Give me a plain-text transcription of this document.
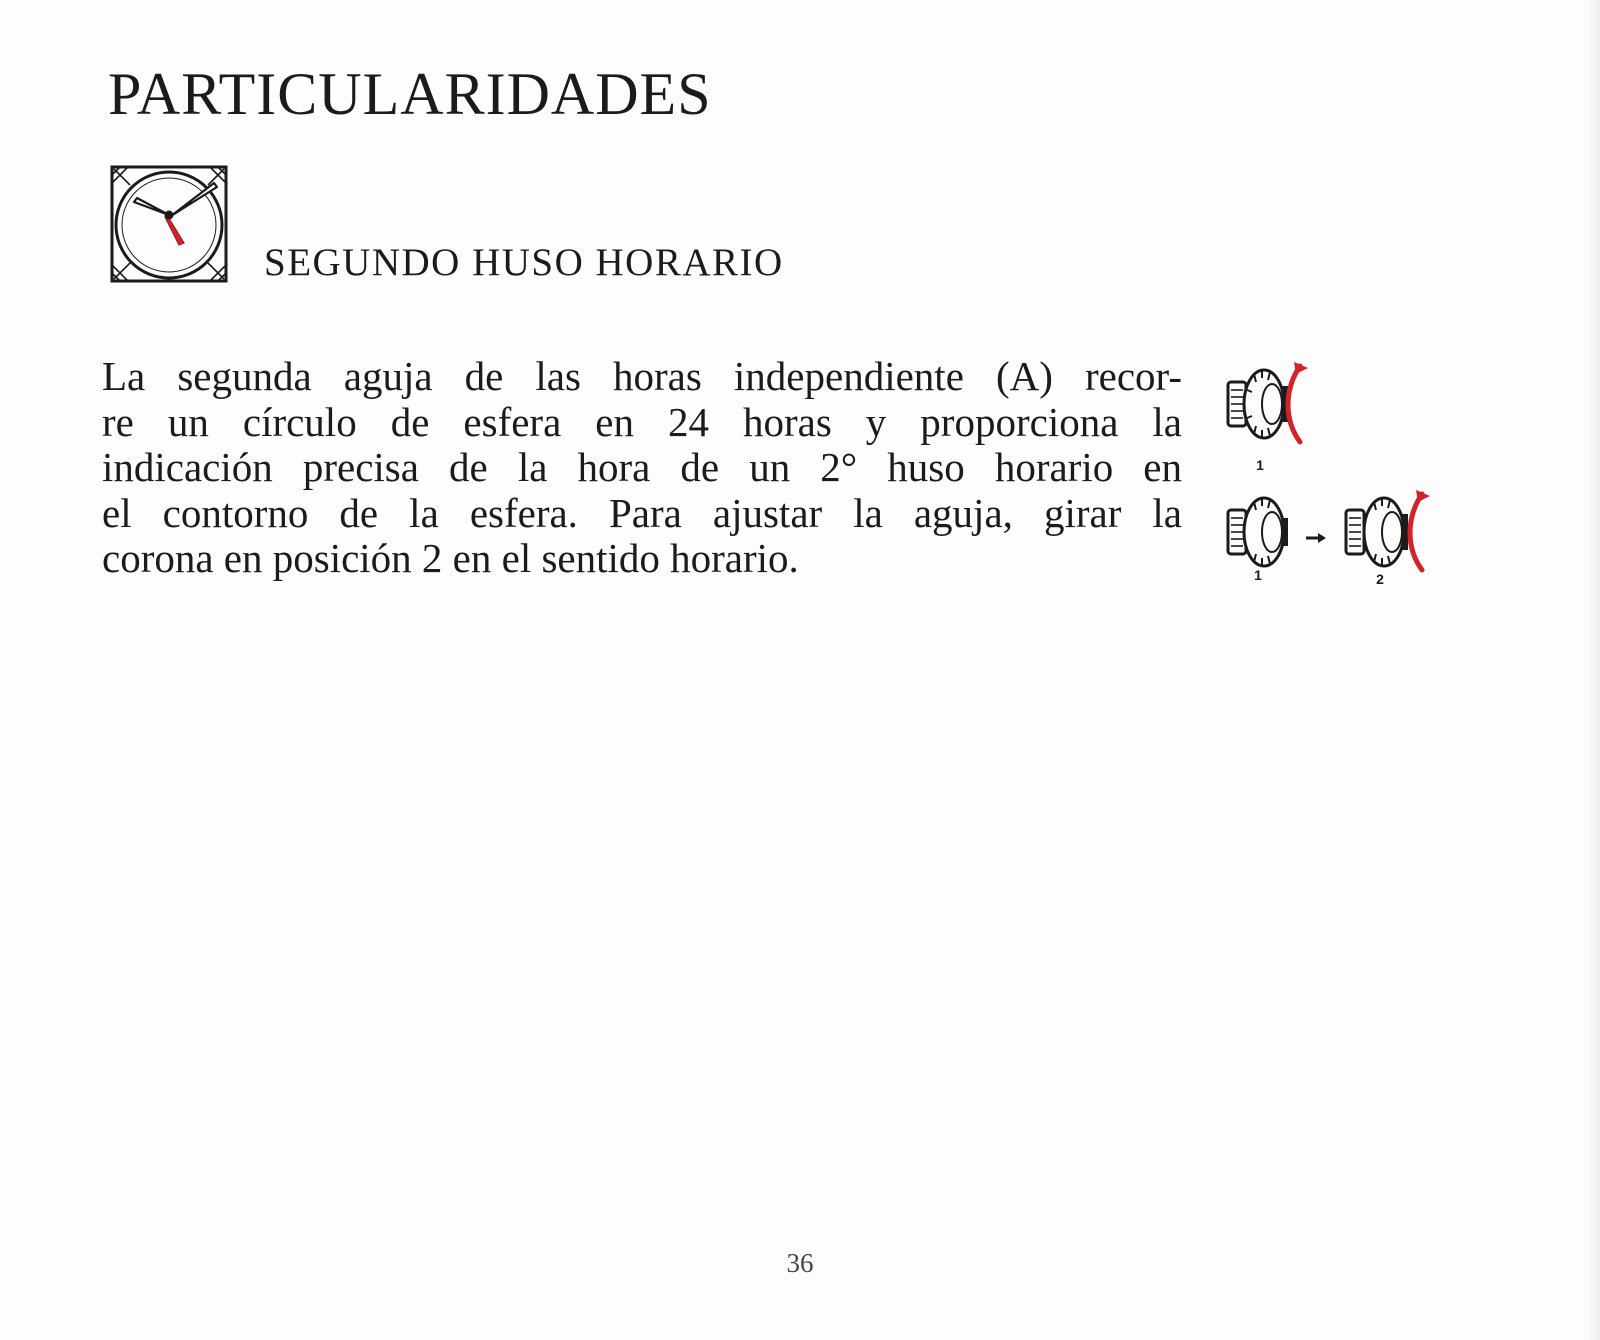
PARTICULARIDADES
SEGUNDO HUSO HORARIO

La segunda aguja de las horas independiente (A) recor-
re un círculo de esfera en 24 horas y proporciona la
indicación precisa de la hora de un 2° huso horario en
el contorno de la esfera. Para ajustar la aguja, girar la
corona en posición 2 en el sentido horario.

1
1	2
36
